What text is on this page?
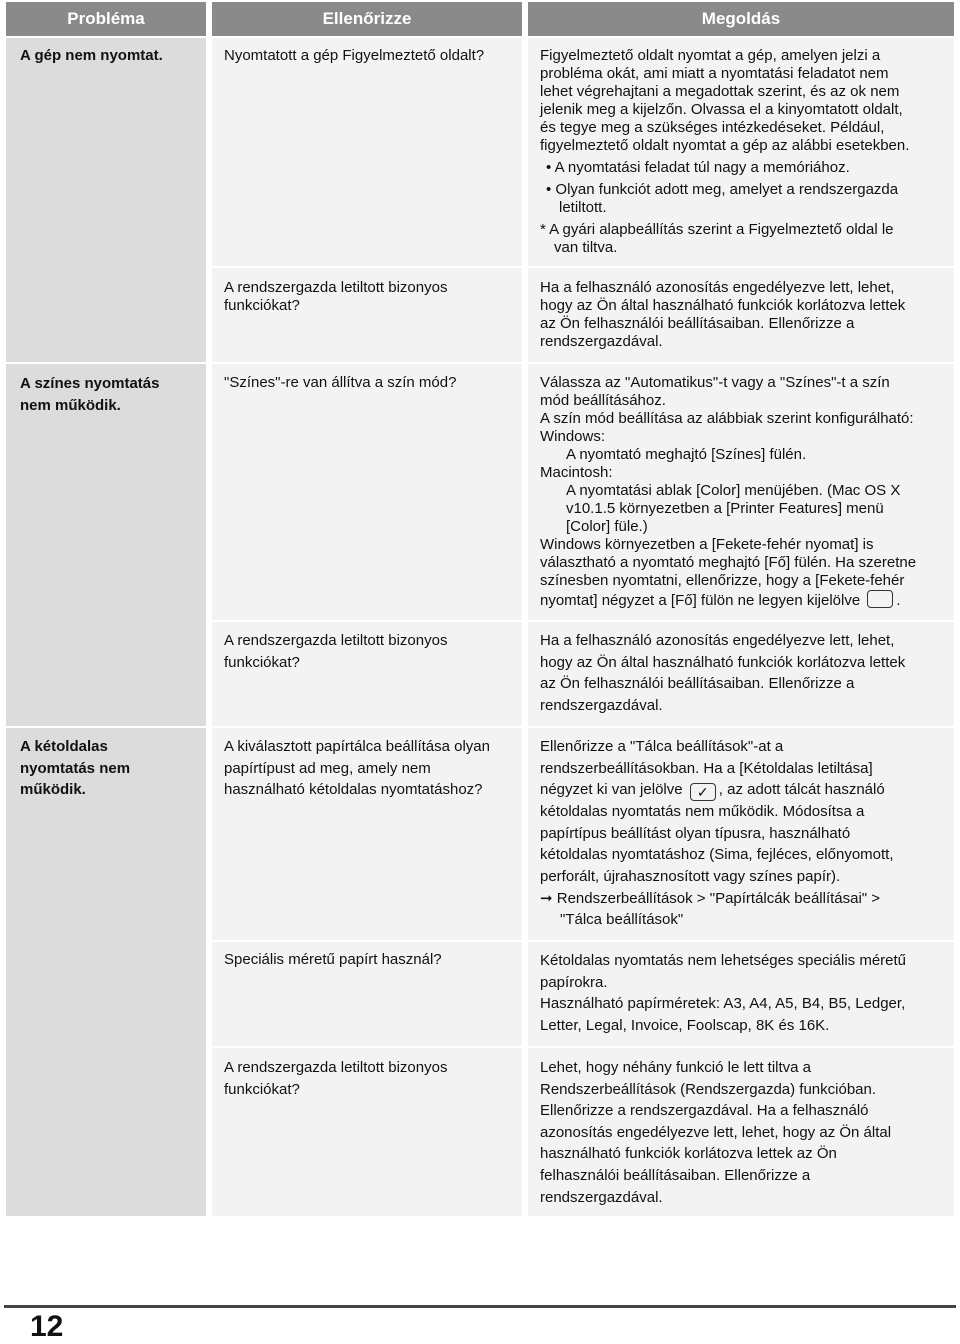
Probléma	Ellenőrizze	Megoldás
A gép nem nyomtat.
A színes nyomtatás
nem működik.
A kétoldalas
nyomtatás nem
működik.
Nyomtatott a gép Figyelmeztető oldalt?
A rendszergazda letiltott bizonyos
funkciókat?
"Színes"-re van állítva a szín mód?
A rendszergazda letiltott bizonyos
funkciókat?
A kiválasztott papírtálca beállítása olyan
papírtípust ad meg, amely nem
használható kétoldalas nyomtatáshoz?
Speciális méretű papírt használ?
A rendszergazda letiltott bizonyos
funkciókat?
Figyelmeztető oldalt nyomtat a gép, amelyen jelzi a
probléma okát, ami miatt a nyomtatási feladatot nem
lehet végrehajtani a megadottak szerint, és az ok nem
jelenik meg a kijelzőn. Olvassa el a kinyomtatott oldalt,
és tegye meg a szükséges intézkedéseket. Például,
figyelmeztető oldalt nyomtat a gép az alábbi esetekben.
• A nyomtatási feladat túl nagy a memóriához.
• Olyan funkciót adott meg, amelyet a rendszergazda
letiltott.
* A gyári alapbeállítás szerint a Figyelmeztető oldal le
van tiltva.
Ha a felhasználó azonosítás engedélyezve lett, lehet,
hogy az Ön által használható funkciók korlátozva lettek
az Ön felhasználói beállításaiban. Ellenőrizze a
rendszergazdával.
Válassza az "Automatikus"-t vagy a "Színes"-t a szín
mód beállításához.
A szín mód beállítása az alábbiak szerint konfigurálható:
Windows:
A nyomtató meghajtó [Színes] fülén.
Macintosh:
A nyomtatási ablak [Color] menüjében. (Mac OS X
v10.1.5 környezetben a [Printer Features] menü
[Color] füle.)
Windows környezetben a [Fekete-fehér nyomat] is
választható a nyomtató meghajtó [Fő] fülén. Ha szeretne
színesben nyomtatni, ellenőrizze, hogy a [Fekete-fehér
nyomtat] négyzet a [Fő] fülön ne legyen kijelölve .
Ha a felhasználó azonosítás engedélyezve lett, lehet,
hogy az Ön által használható funkciók korlátozva lettek
az Ön felhasználói beállításaiban. Ellenőrizze a
rendszergazdával.
Ellenőrizze a "Tálca beállítások"-at a
rendszerbeállításokban. Ha a [Kétoldalas letiltása]
négyzet ki van jelölve ✓ , az adott tálcát használó
kétoldalas nyomtatás nem működik. Módosítsa a
papírtípus beállítást olyan típusra, használható
kétoldalas nyomtatáshoz (Sima, fejléces, előnyomott,
perforált, újrahasznosított vagy színes papír).
➞ Rendszerbeállítások > "Papírtálcák beállításai" >
"Tálca beállítások"
Kétoldalas nyomtatás nem lehetséges speciális méretű
papírokra.
Használható papírméretek: A3, A4, A5, B4, B5, Ledger,
Letter, Legal, Invoice, Foolscap, 8K és 16K.
Lehet, hogy néhány funkció le lett tiltva a
Rendszerbeállítások (Rendszergazda) funkcióban.
Ellenőrizze a rendszergazdával. Ha a felhasználó
azonosítás engedélyezve lett, lehet, hogy az Ön által
használható funkciók korlátozva lettek az Ön
felhasználói beállításaiban. Ellenőrizze a
rendszergazdával.
12
